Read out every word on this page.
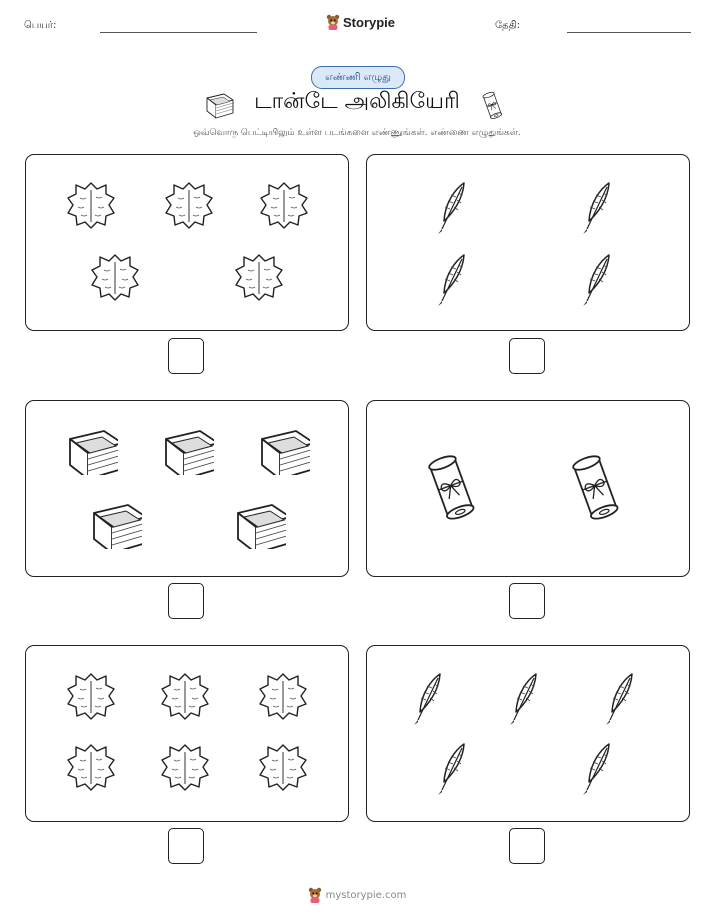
பெயர்:	Storypie	தேதி:
எண்ணி எழுது
டான்டே அலிகியேரி
ஒவ்வொரு பெட்டியிலும் உள்ள படங்களை எண்ணுங்கள். எண்ணை எழுதுங்கள்.
mystorypie.com
